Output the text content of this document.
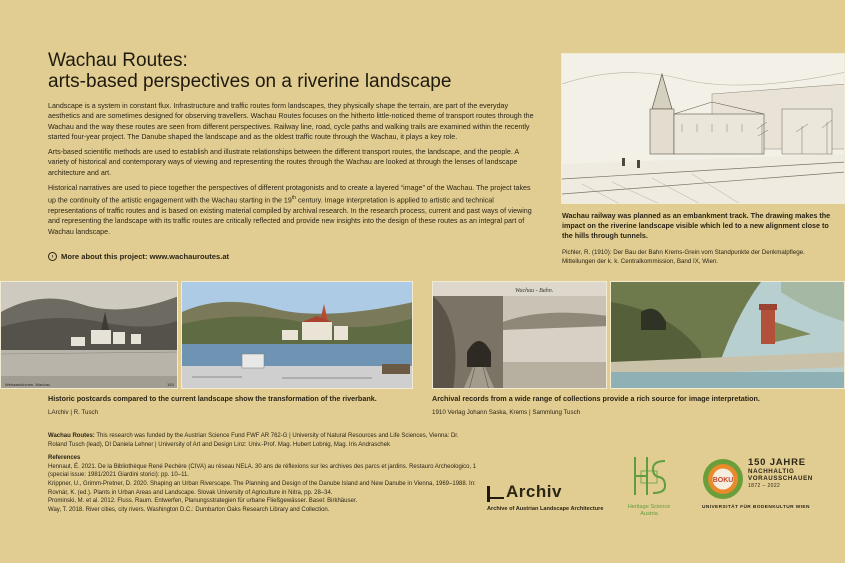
Wachau Routes:
arts-based perspectives on a riverine landscape

Landscape is a system in constant flux. Infrastructure and traffic routes form landscapes, they physically shape the terrain, are part of the everyday aesthetics and are sometimes designed for observing travellers. Wachau Routes focuses on the hitherto little-noticed theme of transport routes through the Wachau and the way these routes are seen from different perspectives. Railway line, road, cycle paths and walking trails are examined within the recently started four-year project. The Danube shaped the landscape and as the oldest traffic route through the Wachau, it plays a key role.

Arts-based scientific methods are used to establish and illustrate relationships between the different transport routes, the landscape, and the people. A variety of historical and contemporary ways of viewing and representing the routes through the Wachau are looked at through the lenses of landscape architecture and art.

Historical narratives are used to piece together the perspectives of different protagonists and to create a layered “image” of the Wachau. The project takes up the continuity of the artistic engagement with the Wachau starting in the 19th century. Image interpretation is applied to artistic and technical representations of traffic routes and is based on existing material compiled by archival research. In the research process, current and past ways of viewing and representing the landscape with its traffic routes are critically reflected and provide new insights into the design of these routes as an integral part of Wachau landscape.

› More about this project: www.wachauroutes.at
Wachau railway was planned as an embankment track. The drawing makes the impact on the riverine landscape visible which led to a new alignment close to the hills through tunnels.
Pichler, R. (1910): Der Bau der Bahn Krems-Grein vom Standpunkte der Denkmalpflege. Mitteilungen der k. k. Centralkommission, Band IX, Wien.
Weissenkirchen, Wachau	153
Historic postcards compared to the current landscape show the transformation of the riverbank.
LArchiv | R. Tusch
Wachau - Bahn.
Archival records from a wide range of collections provide a rich source for image interpretation.
1910 Verlag Johann Saska, Krems | Sammlung Tusch
Wachau Routes: This research was funded by the Austrian Science Fund FWF AR 762-G | University of Natural Resources and Life Sciences, Vienna: Dr. Roland Tusch (lead), DI Daniela Lehner | University of Art and Design Linz: Univ.-Prof. Mag. Hubert Lobnig, Mag. Iris Andraschek
References
Hennaut, É. 2021. De la Bibliothèque René Pechère (CIVA) au réseau NELA. 30 ans de réflexions sur les archives des parcs et jardins. Restauro Archeologico, 1 (special issue: 1981/2021 Giardini storici): pp. 10–11.
Krippner, U., Grimm-Pretner, D. 2020. Shaping an Urban Riverscape. The Planning and Design of the Danube Island and New Danube in Vienna, 1969–1988. In: Rovnár, K. (ed.). Plants in Urban Areas and Landscape. Slovak University of Agriculture in Nitra, pp. 28–34.
Prominski, M. et al. 2012. Fluss. Raum. Entwerfen, Planungsstrategien für urbane Fließgewässer. Basel: Birkhäuser.
Way, T. 2018. River cities, city rivers. Washington D.C.: Dumbarton Oaks Research Library and Collection.
Archiv
Archive of Austrian Landscape Architecture	Heritage Science
Austria
BOKU
150 JAHRE
NACHHALTIG
VORAUSSCHAUEN
1872 – 2022
UNIVERSITÄT FÜR BODENKULTUR WIEN
